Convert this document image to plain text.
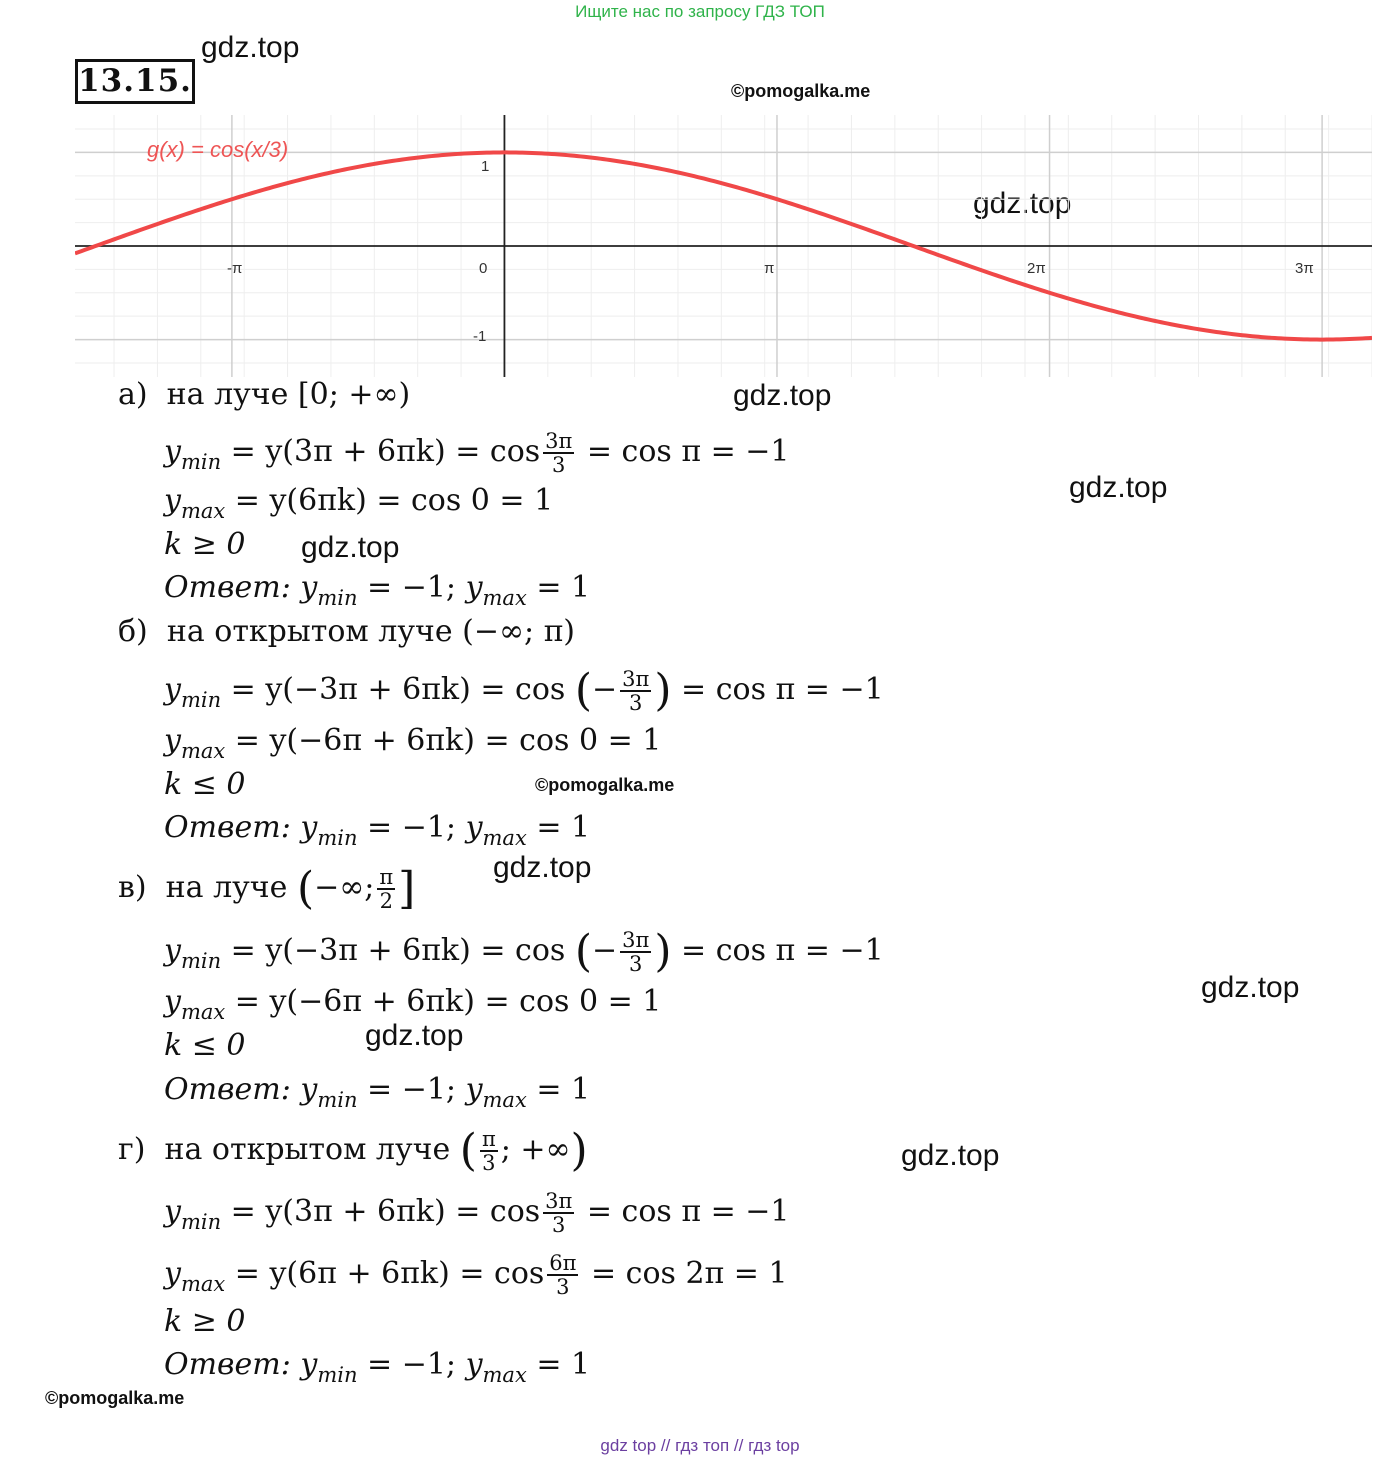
Ищите нас по запросу ГДЗ ТОП
gdz top // гдз топ // гдз top
13.15.
gdz.top
gdz.top
gdz.top
gdz.top
gdz.top
gdz.top
gdz.top
gdz.top
gdz.top
©pomogalka.me
©pomogalka.me
©pomogalka.me
g(x) = cos(x/3)
-π	0	π	2π	3π
1
-1
а) на луче [0; +∞)
$y_{min} = y(3\pi + 6\pi k) = \cos \frac{3\pi}{3} = \cos \pi = -1$
$y_{max} = y(6\pi k) = \cos 0 = 1$
k ≥ 0
Ответ: $y_{min} = -1$; $y_{max} = 1$
б) на открытом луче (−∞; π)
$y_{min} = y(-3\pi + 6\pi k) = \cos$ (− $\frac{3\pi}{3}$ ) = cos π = −1
$y_{max} = y(-6\pi + 6\pi k) = \cos 0 = 1$
k ≤ 0
Ответ: $y_{min} = -1$; $y_{max} = 1$
в) на луче (−∞; $\frac{\pi}{2}$ ]
$y_{min} = y(-3\pi + 6\pi k) = \cos$ (− $\frac{3\pi}{3}$ ) = cos π = −1
$y_{max} = y(-6\pi + 6\pi k) = \cos 0 = 1$
k ≤ 0
Ответ: $y_{min} = -1$; $y_{max} = 1$
г) на открытом луче ( $\frac{\pi}{3}$ ; +∞)
$y_{min} = y(3\pi + 6\pi k) = \cos \frac{3\pi}{3} = \cos \pi = -1$
$y_{max} = y(6\pi + 6\pi k) = \cos \frac{6\pi}{3} = \cos 2\pi = 1$
k ≥ 0
Ответ: $y_{min} = -1$; $y_{max} = 1$
